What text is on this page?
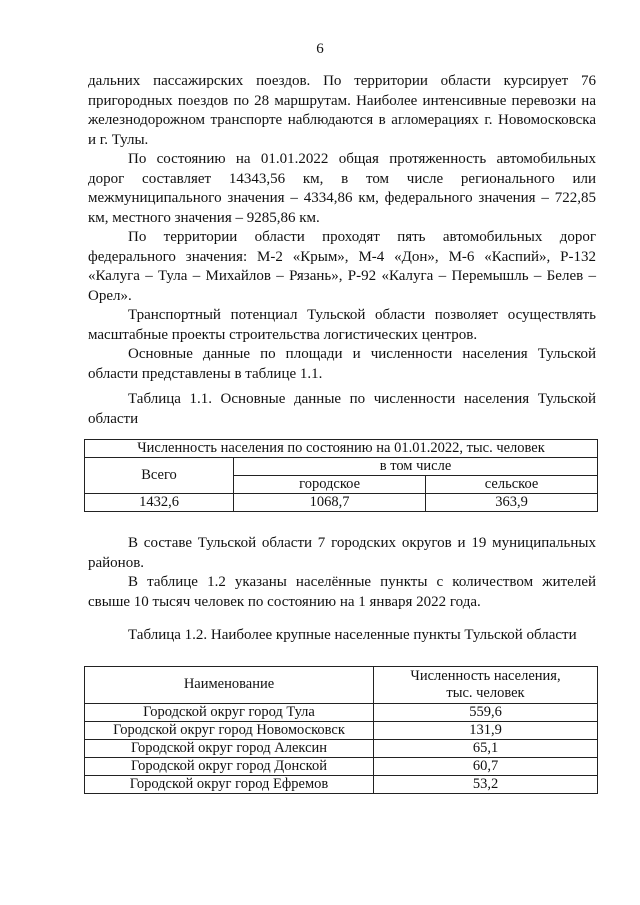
6

дальних пассажирских поездов. По территории области курсирует 76 пригородных поездов по 28 маршрутам. Наиболее интенсивные перевозки на железнодорожном транспорте наблюдаются в агломерациях г. Новомосковска и г. Тулы.

По состоянию на 01.01.2022 общая протяженность автомобильных дорог составляет 14343,56 км, в том числе регионального или межмуниципального значения – 4334,86 км, федерального значения – 722,85 км, местного значения – 9285,86 км.

По территории области проходят пять автомобильных дорог федерального значения: М-2 «Крым», М-4 «Дон», М-6 «Каспий», Р-132 «Калуга – Тула – Михайлов – Рязань», Р-92 «Калуга – Перемышль – Белев – Орел».

Транспортный потенциал Тульской области позволяет осуществлять масштабные проекты строительства логистических центров.

Основные данные по площади и численности населения Тульской области представлены в таблице 1.1.

Таблица 1.1. Основные данные по численности населения Тульской области

Численность населения по состоянию на 01.01.2022, тыс. человек		
Всего	в том числе	
	городское	сельское
1432,6	1068,7	363,9

В составе Тульской области 7 городских округов и 19 муниципальных районов.

В таблице 1.2 указаны населённые пункты с количеством жителей свыше 10 тысяч человек по состоянию на 1 января 2022 года.

Таблица 1.2. Наиболее крупные населенные пункты Тульской области

Наименование	Численность населения,
тыс. человек

Городской округ город Тула	559,6
Городской округ город Новомосковск	131,9
Городской округ город Алексин	65,1
Городской округ город Донской	60,7
Городской округ город Ефремов	53,2
